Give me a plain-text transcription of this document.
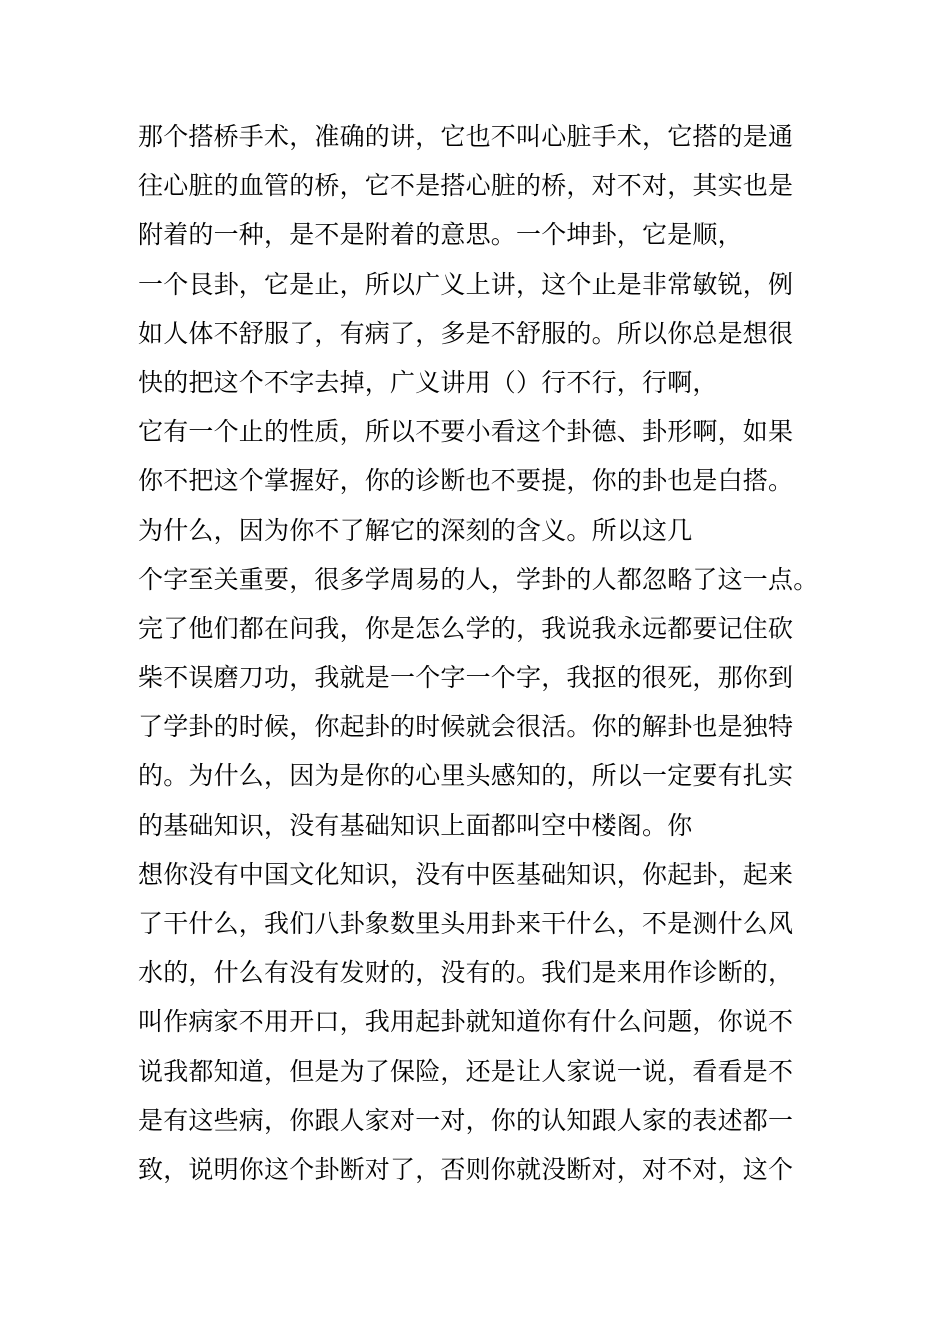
那个搭桥手术，准确的讲，它也不叫心脏手术，它搭的是通
往心脏的血管的桥，它不是搭心脏的桥，对不对，其实也是
附着的一种，是不是附着的意思。一个坤卦，它是顺，
一个艮卦，它是止，所以广义上讲，这个止是非常敏锐，例
如人体不舒服了，有病了，多是不舒服的。所以你总是想很
快的把这个不字去掉，广义讲用（）行不行，行啊，
它有一个止的性质，所以不要小看这个卦德、卦形啊，如果
你不把这个掌握好，你的诊断也不要提，你的卦也是白搭。
为什么，因为你不了解它的深刻的含义。所以这几
个字至关重要，很多学周易的人，学卦的人都忽略了这一点。
完了他们都在问我，你是怎么学的，我说我永远都要记住砍
柴不误磨刀功，我就是一个字一个字，我抠的很死，那你到
了学卦的时候，你起卦的时候就会很活。你的解卦也是独特
的。为什么，因为是你的心里头感知的，所以一定要有扎实
的基础知识，没有基础知识上面都叫空中楼阁。你
想你没有中国文化知识，没有中医基础知识，你起卦，起来
了干什么，我们八卦象数里头用卦来干什么，不是测什么风
水的，什么有没有发财的，没有的。我们是来用作诊断的，
叫作病家不用开口，我用起卦就知道你有什么问题，你说不
说我都知道，但是为了保险，还是让人家说一说，看看是不
是有这些病，你跟人家对一对，你的认知跟人家的表述都一
致，说明你这个卦断对了，否则你就没断对，对不对，这个
